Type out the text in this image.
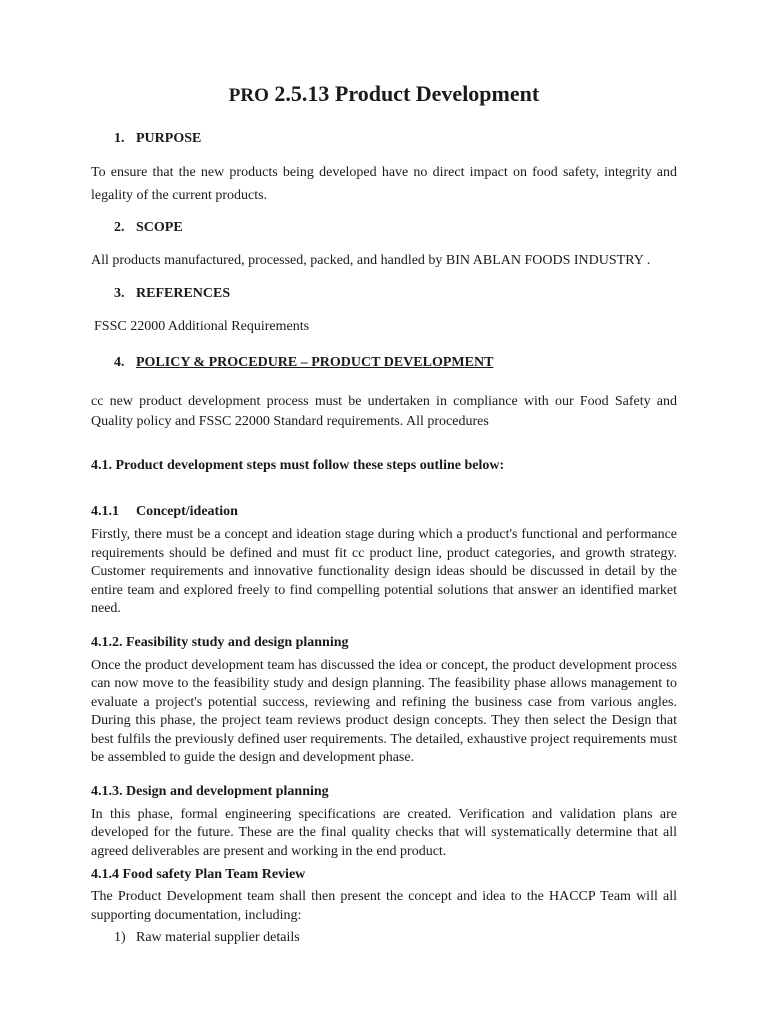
PRO 2.5.13 Product Development

1. PURPOSE

To ensure that the new products being developed have no direct impact on food safety, integrity and legality of the current products.

2. SCOPE

All products manufactured, processed, packed, and handled by BIN ABLAN FOODS INDUSTRY .

3. REFERENCES

FSSC 22000 Additional Requirements

4. POLICY & PROCEDURE – PRODUCT DEVELOPMENT

cc new product development process must be undertaken in compliance with our Food Safety and Quality policy and FSSC 22000 Standard requirements. All procedures

4.1. Product development steps must follow these steps outline below:

4.1.1 Concept/ideation

Firstly, there must be a concept and ideation stage during which a product's functional and performance requirements should be defined and must fit cc product line, product categories, and growth strategy. Customer requirements and innovative functionality design ideas should be discussed in detail by the entire team and explored freely to find compelling potential solutions that answer an identified market need.

4.1.2. Feasibility study and design planning

Once the product development team has discussed the idea or concept, the product development process can now move to the feasibility study and design planning. The feasibility phase allows management to evaluate a project's potential success, reviewing and refining the business case from various angles. During this phase, the project team reviews product design concepts. They then select the Design that best fulfils the previously defined user requirements. The detailed, exhaustive project requirements must be assembled to guide the design and development phase.

4.1.3. Design and development planning

In this phase, formal engineering specifications are created. Verification and validation plans are developed for the future. These are the final quality checks that will systematically determine that all agreed deliverables are present and working in the end product.

4.1.4 Food safety Plan Team Review

The Product Development team shall then present the concept and idea to the HACCP Team will all supporting documentation, including:

1) Raw material supplier details
